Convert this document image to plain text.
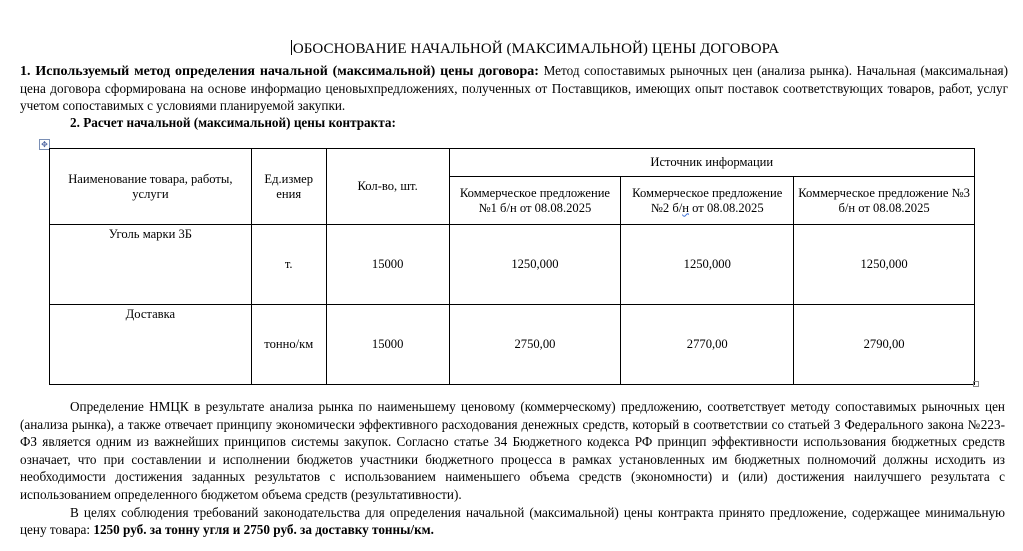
ОБОСНОВАНИЕ НАЧАЛЬНОЙ (МАКСИМАЛЬНОЙ) ЦЕНЫ ДОГОВОРА
1. Используемый метод определения начальной (максимальной) цены договора: Метод сопоставимых рыночных цен (анализа рынка). Начальная (максимальная) цена договора сформирована на основе информацио ценовыхпредложениях, полученных от Поставщиков, имеющих опыт поставок соответствующих товаров, работ, услуг учетом сопоставимых с условиями планируемой закупки.
2. Расчет начальной (максимальной) цены контракта:
✥
Наименование товара, работы, услуги	Ед.измер ения	Кол-во, шт.	Источник информации		
			Коммерческое предложение №1 б/н от 08.08.2025	Коммерческое предложение №2 б/н от 08.08.2025	Коммерческое предложение №3 б/н от 08.08.2025
Уголь марки 3Б	т.	15000	1250,000	1250,000	1250,000
Доставка	тонно/км	15000	2750,00	2770,00	2790,00

Определение НМЦК в результате анализа рынка по наименьшему ценовому (коммерческому) предложению, соответствует методу сопоставимых рыночных цен (анализа рынка), а также отвечает принципу экономически эффективного расходования денежных средств, который в соответствии со статьей 3 Федерального закона №223-ФЗ является одним из важнейших принципов системы закупок. Согласно статье 34 Бюджетного кодекса РФ принцип эффективности использования бюджетных средств означает, что при составлении и исполнении бюджетов участники бюджетного процесса в рамках установленных им бюджетных полномочий должны исходить из необходимости достижения заданных результатов с использованием наименьшего объема средств (экономности) и (или) достижения наилучшего результата с использованием определенного бюджетом объема средств (результативности).

В целях соблюдения требований законодательства для определения начальной (максимальной) цены контракта принято предложение, содержащее минимальную цену товара: 1250 руб. за тонну угля и 2750 руб. за доставку тонны/км.
